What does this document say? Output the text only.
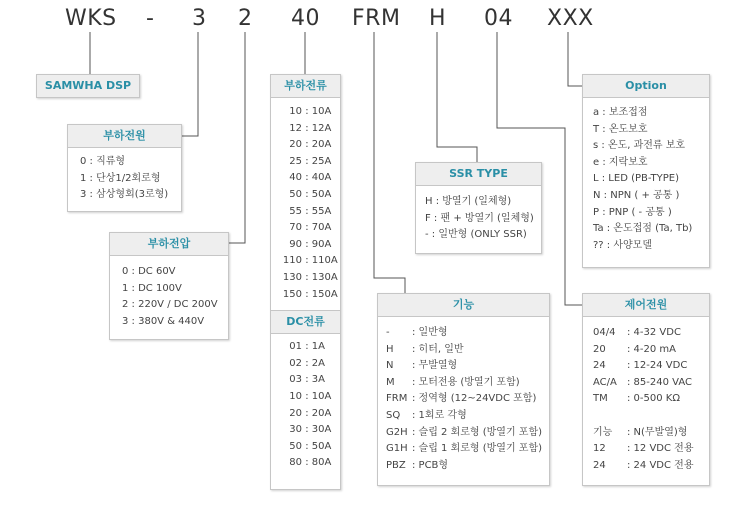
WKS - 3 2 40 FRM H 04 XXX
SAMWHA DSP
부하전원
0 : 직류형
1 : 단상1/2회로형
3 : 삼상형회(3로형)
부하전압
0 : DC 60V
1 : DC 100V
2 : 220V / DC 200V
3 : 380V & 440V
부하전류
10 : 10A
12 : 12A
20 : 20A
25 : 25A
40 : 40A
50 : 50A
55 : 55A
70 : 70A
90 : 90A
110 : 110A
130 : 130A
150 : 150A
DC전류
01 : 1A
02 : 2A
03 : 3A
10 : 10A
20 : 20A
30 : 30A
50 : 50A
80 : 80A
SSR TYPE
H : 방열기 (일체형)
F : 팬 + 방열기 (일체형)
- : 일반형 (ONLY SSR)
기능
- : 일반형
H : 히터, 일반
N : 무발열형
M : 모터전용 (방열기 포함)
FRM : 정역형 (12~24VDC 포함)
SQ : 1회로 각형
G2H : 슬립 2 회로형 (방열기 포함)
G1H : 슬립 1 회로형 (방열기 포함)
PBZ : PCB형
Option
a : 보조접점
T : 온도보호
s : 온도, 과전류 보호
e : 지락보호
L : LED (PB-TYPE)
N : NPN ( + 공통 )
P : PNP ( - 공통 )
Ta : 온도접점 (Ta, Tb)
?? : 사양모델
제어전원
04/4 : 4-32 VDC
20 : 4-20 mA
24 : 12-24 VDC
AC/A : 85-240 VAC
TM : 0-500 KΩ
기능 : N(무발열)형
12 : 12 VDC 전용
24 : 24 VDC 전용
